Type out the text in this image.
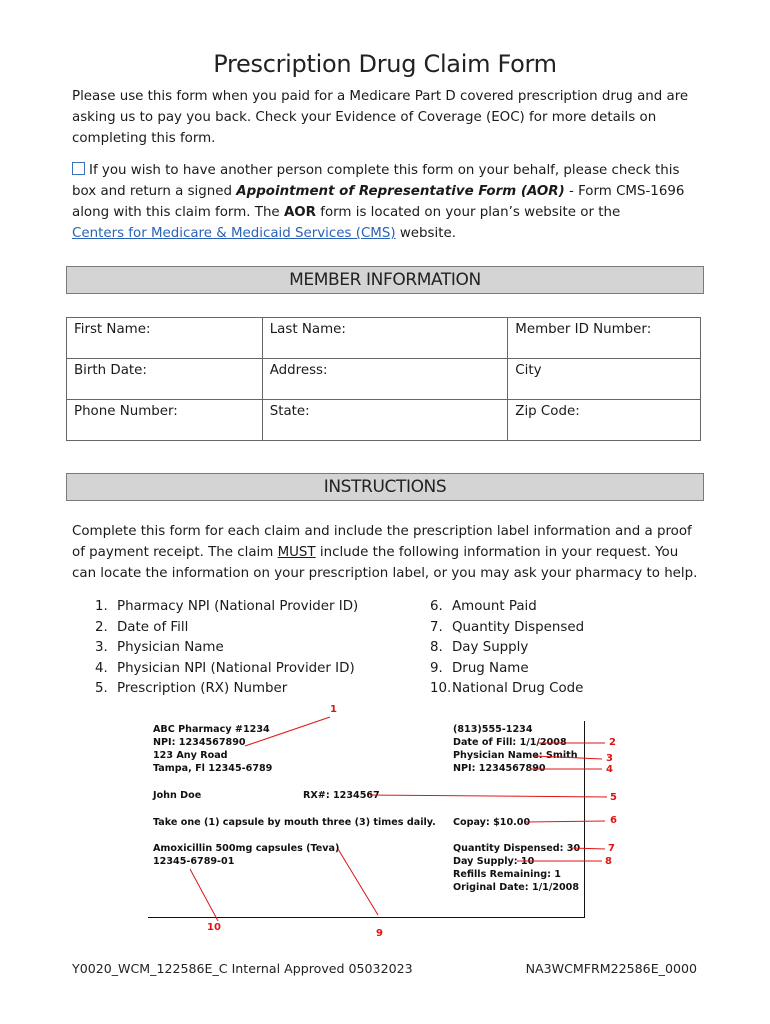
Prescription Drug Claim Form
Please use this form when you paid for a Medicare Part D covered prescription drug and are asking us to pay you back. Check your Evidence of Coverage (EOC) for more details on completing this form.
If you wish to have another person complete this form on your behalf, please check this box and return a signed Appointment of Representative Form (AOR) - Form CMS-1696 along with this claim form. The AOR form is located on your plan’s website or the
Centers for Medicare & Medicaid Services (CMS) website.
MEMBER INFORMATION
First Name:	Last Name:	Member ID Number:
Birth Date:	Address:	City
Phone Number:	State:	Zip Code:
INSTRUCTIONS
Complete this form for each claim and include the prescription label information and a proof of payment receipt. The claim MUST include the following information in your request. You can locate the information on your prescription label, or you may ask your pharmacy to help.
1. Pharmacy NPI (National Provider ID)
2. Date of Fill
3. Physician Name
4. Physician NPI (National Provider ID)
5. Prescription (RX) Number
6. Amount Paid
7. Quantity Dispensed
8. Day Supply
9. Drug Name
10.National Drug Code
ABC Pharmacy #1234
NPI: 1234567890
123 Any Road
Tampa, Fl 12345-6789
(813)555-1234
Date of Fill: 1/1/2008
Physician Name: Smith
NPI: 1234567890
John Doe	RX#: 1234567
Take one (1) capsule by mouth three (3) times daily. Copay: $10.00
Amoxicillin 500mg capsules (Teva)
12345-6789-01
Quantity Dispensed: 30
Day Supply: 10
Refills Remaining: 1
Original Date: 1/1/2008
1
2
3
4
5
6
7
8
9
10
Y0020_WCM_122586E_C Internal Approved 05032023	NA3WCMFRM22586E_0000
